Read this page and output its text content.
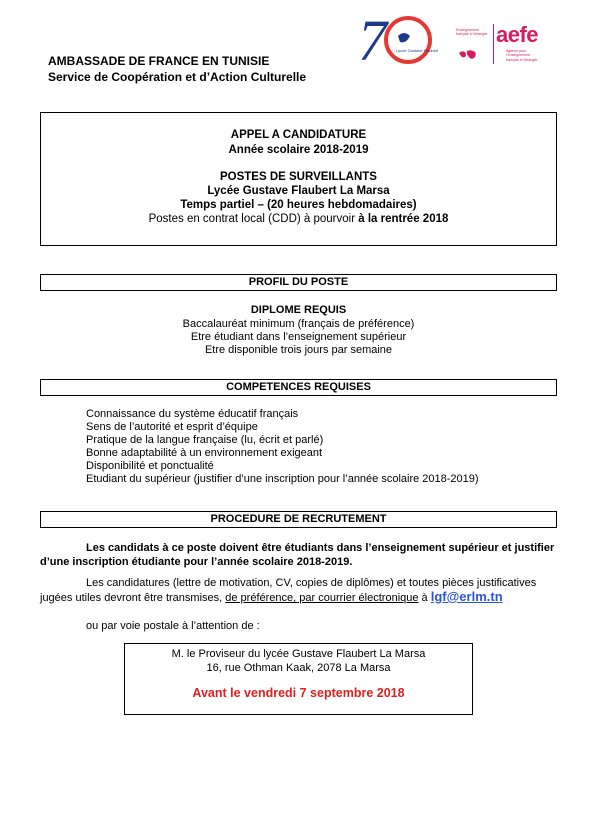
AMBASSADE DE FRANCE EN TUNISIE
Service de Coopération et d’Action Culturelle
7	Lycée Gustave Flaubert
Enseignement français à l’étranger aefe
Agence pour l’enseignement français à l’étranger
APPEL A CANDIDATURE
Année scolaire 2018-2019
POSTES DE SURVEILLANTS
Lycée Gustave Flaubert La Marsa
Temps partiel – (20 heures hebdomadaires)
Postes en contrat local (CDD) à pourvoir à la rentrée 2018
PROFIL DU POSTE
DIPLOME REQUIS
Baccalauréat minimum (français de préférence)
Etre étudiant dans l’enseignement supérieur
Etre disponible trois jours par semaine
COMPETENCES REQUISES
Connaissance du système éducatif français
Sens de l’autorité et esprit d’équipe
Pratique de la langue française (lu, écrit et parlé)
Bonne adaptabilité à un environnement exigeant
Disponibilité et ponctualité
Etudiant du supérieur (justifier d’une inscription pour l’année scolaire 2018-2019)
PROCEDURE DE RECRUTEMENT
Les candidats à ce poste doivent être étudiants dans l’enseignement supérieur et justifier d’une inscription étudiante pour l’année scolaire 2018-2019.
Les candidatures (lettre de motivation, CV, copies de diplômes) et toutes pièces justificatives jugées utiles devront être transmises, de préférence, par courrier électronique à lgf@erlm.tn
ou par voie postale à l’attention de :
M. le Proviseur du lycée Gustave Flaubert La Marsa
16, rue Othman Kaak, 2078 La Marsa
Avant le vendredi 7 septembre 2018
